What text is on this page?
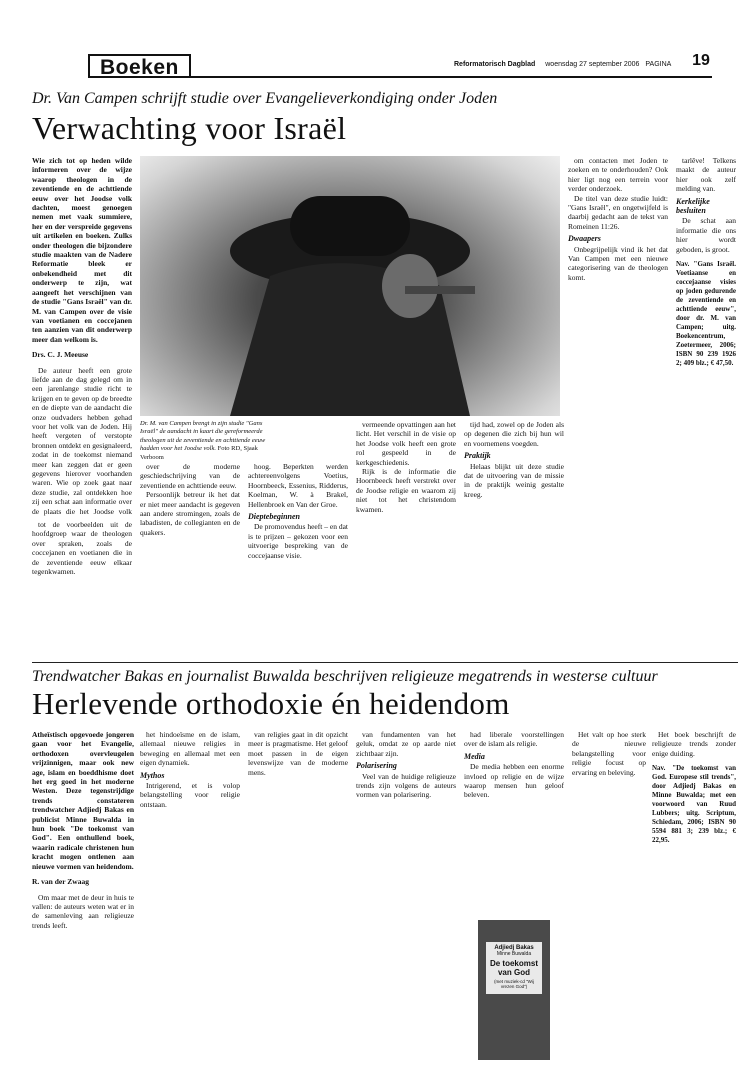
Boeken	Reformatorisch Dagblad woensdag 27 september 2006 PAGINA 19
Dr. Van Campen schrijft studie over Evangelieverkondiging onder Joden
Verwachting voor Israël
Wie zich tot op heden wilde informeren over de wijze waarop theologen in de zeventiende en de achttiende eeuw over het Joodse volk dachten, moest genoegen nemen met vaak summiere, her en der verspreide gegevens uit artikelen en boeken. Zulks onder theologen die bijzondere studie maakten van de Nadere Reformatie bleek er onbekendheid met dit onderwerp te zijn, wat aangeeft het verschijnen van de studie "Gans Israël" van dr. M. van Campen over de visie van voetianen en coccejanen ten aanzien van dit onderwerp meer dan welkom is.
Drs. C. J. Meeuse

De auteur heeft een grote liefde aan de dag gelegd om in een jarenlange studie richt te krijgen en te geven op de breedte en de diepte van de aandacht die onze oudvaders hebben gehad voor het volk van de Joden. Hij heeft vergeten of verstopte bronnen ontdekt en gesignaleerd, zodat in de toekomst niemand meer kan zeggen dat er geen gegevens hierover voorhanden waren. Wie op zoek gaat naar deze studie, zal ontdekken hoe zij een schat aan informatie over de plaats die het Joodse volk

Dr. M. van Campen brengt in zijn studie "Gans Israël" de aandacht in kaart die gereformeerde theologen uit de zeventiende en achttiende eeuw hadden voor het Joodse volk. Foto RD, Sjaak Verboom

over de moderne geschiedschrijving van de zeventiende en achttiende eeuw.

Persoonlijk betreur ik het dat er niet meer aandacht is gegeven aan andere stromingen, zoals de labadisten, de collegianten en de quakers.

tot de voorbeelden uit de hoofdgroep waar de theologen over spraken, zoals de coccejanen en voetianen die in de zeventiende eeuw elkaar tegenkwamen.

hoog. Beperkten werden achtereenvolgens Voetius, Hoornbeeck, Essenius, Ridderus, Koelman, W. à Brakel, Hellenbroek en Van der Groe.

Dieptebeginnen

De promovendus heeft – en dat is te prijzen – gekozen voor een uitvoerige bespreking van de coccejaanse visie.

vermeende opvattingen aan het licht. Het verschil in de visie op het Joodse volk heeft een grote rol gespeeld in de kerkgeschiedenis.

Rijk is de informatie die Hoornbeeck heeft verstrekt over de Joodse religie en waarom zij niet tot het christendom kwamen.

tijd had, zowel op de Joden als op degenen die zich bij hun wil en voornemens voegden.

Praktijk

Helaas blijkt uit deze studie dat de uitvoering van de missie in de praktijk weinig gestalte kreeg.

om contacten met Joden te zoeken en te onderhouden? Ook hier ligt nog een terrein voor verder onderzoek.

De titel van deze studie luidt: "Gans Israël", en ongetwijfeld is daarbij gedacht aan de tekst van Romeinen 11:26.

Dwaapers

Onbegrijpelijk vind ik het dat Van Campen met een nieuwe categorisering van de theologen komt.

tarlêve! Telkens maakt de auteur hier ook zelf melding van.

Kerkelijke besluiten

De schat aan informatie die ons hier wordt geboden, is groot.

Nav. "Gans Israël. Voetiaanse en coccejaanse visies op joden gedurende de zeventiende en achttiende eeuw", door dr. M. van Campen; uitg. Boekencentrum, Zoetermeer, 2006; ISBN 90 239 1926 2; 409 blz.; € 47,50.
Trendwatcher Bakas en journalist Buwalda beschrijven religieuze megatrends in westerse cultuur
Herlevende orthodoxie én heidendom
Atheïstisch opgevoede jongeren gaan voor het Evangelie, orthodoxen overvleugelen vrijzinnigen, maar ook new age, islam en boeddhisme doet het erg goed in het moderne Westen. Deze tegenstrijdige trends constateren trendwatcher Adjiedj Bakas en publicist Minne Buwalda in hun boek "De toekomst van God". Een onthullend boek, waarin radicale christenen hun kracht mogen ontlenen aan nieuwe vormen van heidendom.
R. van der Zwaag

Om maar met de deur in huis te vallen: de auteurs weten wat er in de samenleving aan religieuze trends leeft.

het hindoeïsme en de islam, allemaal nieuwe religies in beweging en allemaal met een eigen dynamiek.

Mythos

Intrigerend, et is volop belangstelling voor religie ontstaan.

van religies gaat in dit opzicht meer is pragmatisme. Het geloof moet passen in de eigen levenswijze van de moderne mens.

van fundamenten van het geluk, omdat ze op aarde niet zichtbaar zijn.

Polarisering

Veel van de huidige religieuze trends zijn volgens de auteurs vormen van polarisering.

had liberale voorstellingen over de islam als religie.

Media

De media hebben een enorme invloed op religie en de wijze waarop mensen hun geloof beleven.

Adjiedj Bakas
Minne Buwalda
De toekomst van God
(met muziek-cd "Wij vrezen God")

Het valt op hoe sterk de nieuwe belangstelling voor religie focust op ervaring en beleving.

Het boek beschrijft de religieuze trends zonder enige duiding.

Nav. "De toekomst van God. Europese stil trends", door Adjiedj Bakas en Minne Buwalda; met een voorwoord van Ruud Lubbers; uitg. Scriptum, Schiedam, 2006; ISBN 90 5594 881 3; 239 blz.; € 22,95.
